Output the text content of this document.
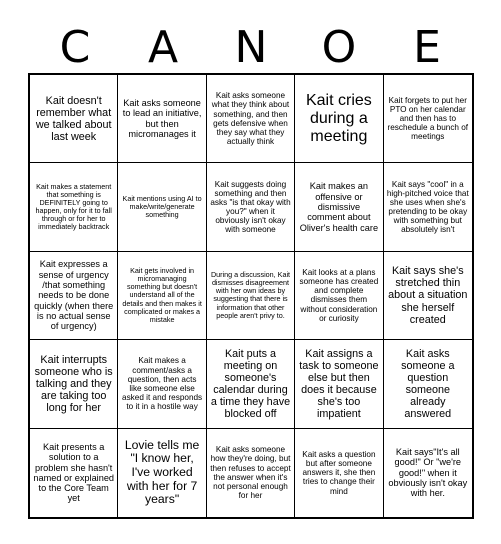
C	A	N	O	E
Kait doesn't remember what we talked about last week
Kait asks someone to lead an initiative, but then micromanages it
Kait asks someone what they think about something, and then gets defensive when they say what they actually think
Kait cries during a meeting
Kait forgets to put her PTO on her calendar and then has to reschedule a bunch of meetings
Kait makes a statement that something is DEFINITELY going to happen, only for it to fall through or for her to immediately backtrack
Kait mentions using AI to make/write/generate something
Kait suggests doing something and then asks "is that okay with you?" when it obviously isn't okay with someone
Kait makes an offensive or dismissive comment about Oliver's health care
Kait says "cool" in a high-pitched voice that she uses when she's pretending to be okay with something but absolutely isn't
Kait expresses a sense of urgency /that something needs to be done quickly (when there is no actual sense of urgency)
Kait gets involved in micromanaging something but doesn't understand all of the details and then makes it complicated or makes a mistake
During a discussion, Kait dismisses disagreement with her own ideas by suggesting that there is information that other people aren't privy to.
Kait looks at a plans someone has created and complete dismisses them without consideration or curiosity
Kait says she's stretched thin about a situation she herself created
Kait interrupts someone who is talking and they are taking too long for her
Kait makes a comment/asks a question, then acts like someone else asked it and responds to it in a hostile way
Kait puts a meeting on someone's calendar during a time they have blocked off
Kait assigns a task to someone else but then does it because she's too impatient
Kait asks someone a question someone already answered
Kait presents a solution to a problem she hasn't named or explained to the Core Team yet
Lovie tells me "I know her, I've worked with her for 7 years"
Kait asks someone how they're doing, but then refuses to accept the answer when it's not personal enough for her
Kait asks a question but after someone answers it, she then tries to change their mind
Kait says"It's all good!" Or "we're good!" when it obviously isn't okay with her.
